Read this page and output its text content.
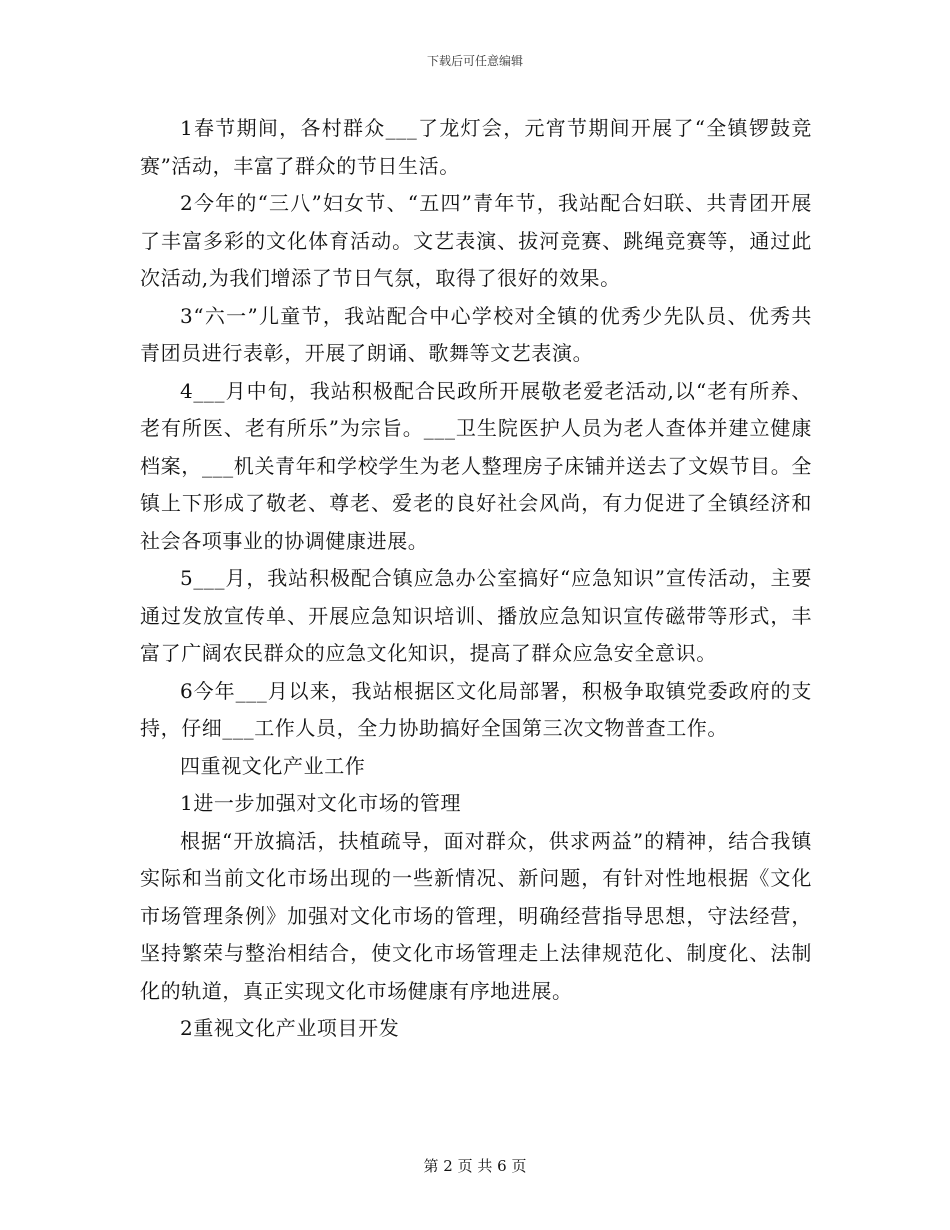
下载后可任意编辑

1春节期间，各村群众___了龙灯会，元宵节期间开展了“全镇锣鼓竞赛”活动，丰富了群众的节日生活。

2今年的“三八”妇女节、“五四”青年节，我站配合妇联、共青团开展了丰富多彩的文化体育活动。文艺表演、拔河竞赛、跳绳竞赛等，通过此次活动,为我们增添了节日气氛，取得了很好的效果。

3“六一”儿童节，我站配合中心学校对全镇的优秀少先队员、优秀共青团员进行表彰，开展了朗诵、歌舞等文艺表演。

4___月中旬，我站积极配合民政所开展敬老爱老活动,以“老有所养、老有所医、老有所乐”为宗旨。___卫生院医护人员为老人查体并建立健康档案，___机关青年和学校学生为老人整理房子床铺并送去了文娱节目。全镇上下形成了敬老、尊老、爱老的良好社会风尚，有力促进了全镇经济和社会各项事业的协调健康进展。

5___月，我站积极配合镇应急办公室搞好“应急知识”宣传活动，主要通过发放宣传单、开展应急知识培训、播放应急知识宣传磁带等形式，丰富了广阔农民群众的应急文化知识，提高了群众应急安全意识。

6今年___月以来，我站根据区文化局部署，积极争取镇党委政府的支持，仔细___工作人员，全力协助搞好全国第三次文物普查工作。

四重视文化产业工作

1进一步加强对文化市场的管理

根据“开放搞活，扶植疏导，面对群众，供求两益”的精神，结合我镇实际和当前文化市场出现的一些新情况、新问题，有针对性地根据《文化市场管理条例》加强对文化市场的管理，明确经营指导思想，守法经营，坚持繁荣与整治相结合，使文化市场管理走上法律规范化、制度化、法制化的轨道，真正实现文化市场健康有序地进展。

2重视文化产业项目开发

第 2 页 共 6 页
